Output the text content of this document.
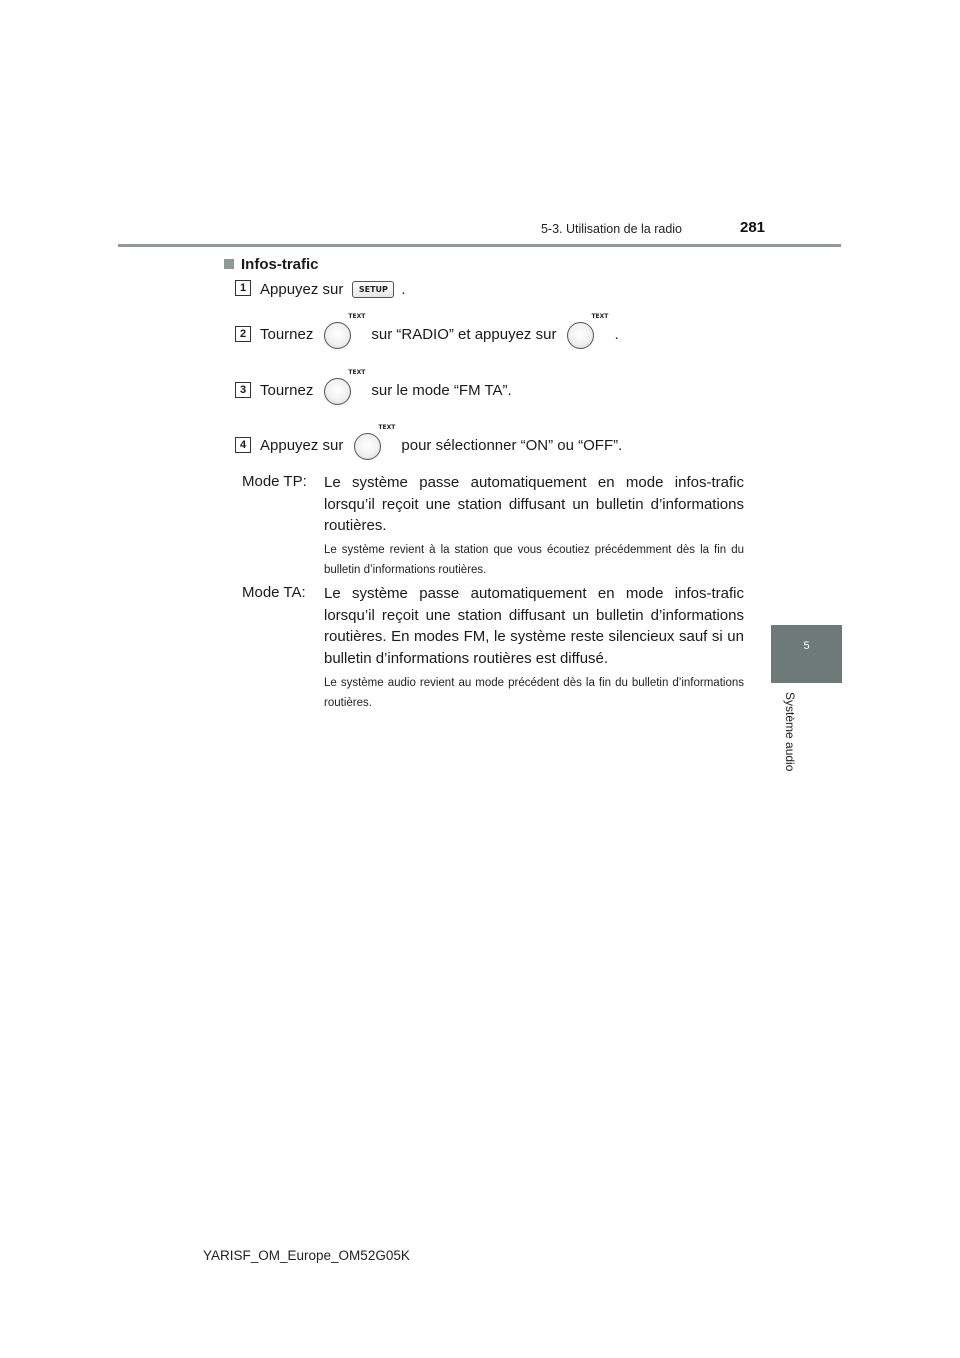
5-3. Utilisation de la radio	281
5
Système audio
Infos-trafic
1 Appuyez sur	SETUP .
2 Tournez
TEXT
sur “RADIO” et appuyez sur
TEXT
.
3 Tournez
TEXT
sur le mode “FM TA”.
4 Appuyez sur
TEXT
pour sélectionner “ON” ou “OFF”.
Mode TP: Le système passe automatiquement en mode infos-trafic lorsqu’il reçoit une station diffusant un bulletin d’informations routières.
Le système revient à la station que vous écoutiez précédemment dès la fin du bulletin d’informations routières.
Mode TA: Le système passe automatiquement en mode infos-trafic lorsqu’il reçoit une station diffusant un bulletin d’informations routières. En modes FM, le système reste silencieux sauf si un bulletin d’informations routières est diffusé.
Le système audio revient au mode précédent dès la fin du bulletin d’informations routières.
YARISF_OM_Europe_OM52G05K
